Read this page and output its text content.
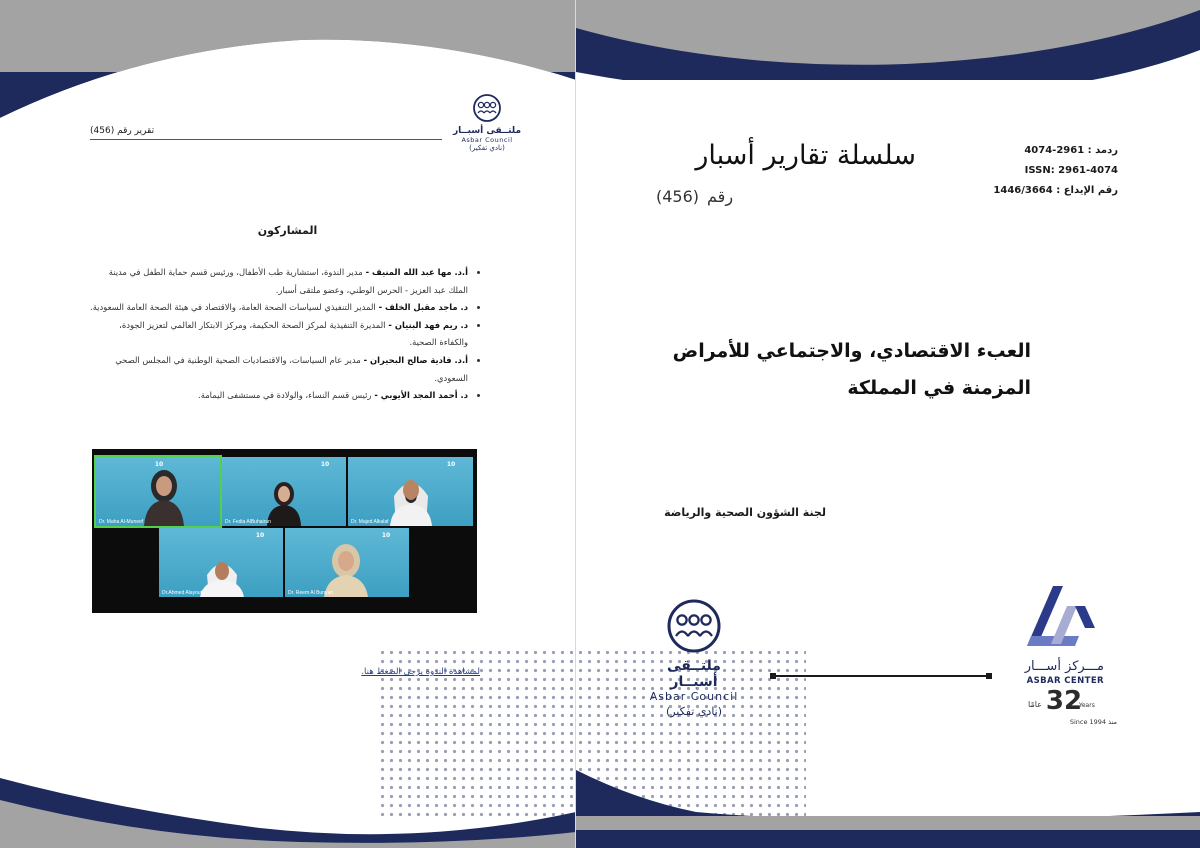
ملتــقى أسبــار
Asbar Council
(نادي تفكير)
تقرير رقم (456)
المشاركون
• أ.د. مها عبد الله المنيف - مدير الندوة، استشارية طب الأطفال، ورئيس قسم حماية الطفل في مدينة الملك عبد العزيز - الحرس الوطني، وعضو ملتقى أسبار.
• د. ماجد مقبل الخلف - المدير التنفيذي لسياسات الصحة العامة، والاقتصاد في هيئة الصحة العامة السعودية.
• د. ريم فهد البنيان - المديرة التنفيذية لمركز الصحة الحكيمة، ومركز الابتكار العالمي لتعزيز الجودة، والكفاءة الصحية.
• أ.د. فادية صالح البحيران - مدير عام السياسات، والاقتصاديات الصحية الوطنية في المجلس الصحي السعودي.
• د. أحمد المجد الأيوبي - رئيس قسم النساء، والولادة في مستشفى اليمامة.
10
Dr. Maha Al-Muneef
10
Dr. Fedia AlBuhairan
10
Dr. Majed Alkalaf
10
Dr.Ahmed Alayoubi
10
Dr. Reem Al Bunyan
لمشاهدة الندوة يرجى الضغط هنا.
سلسلة تقارير أسبار
(456) رقم
ردمد : 2961-4074
ISSN: 2961-4074
رقم الإيداع : 1446/3664
العبء الاقتصادي، والاجتماعي للأمراض
المزمنة في المملكة
لجنة الشؤون الصحية والرياضة
ملتــقى أسبــار
Asbar Council
(نادي تفكير)
مـــركز أســـار
ASBAR CENTER
32
Years
عامًا
Since 1994 منذ
